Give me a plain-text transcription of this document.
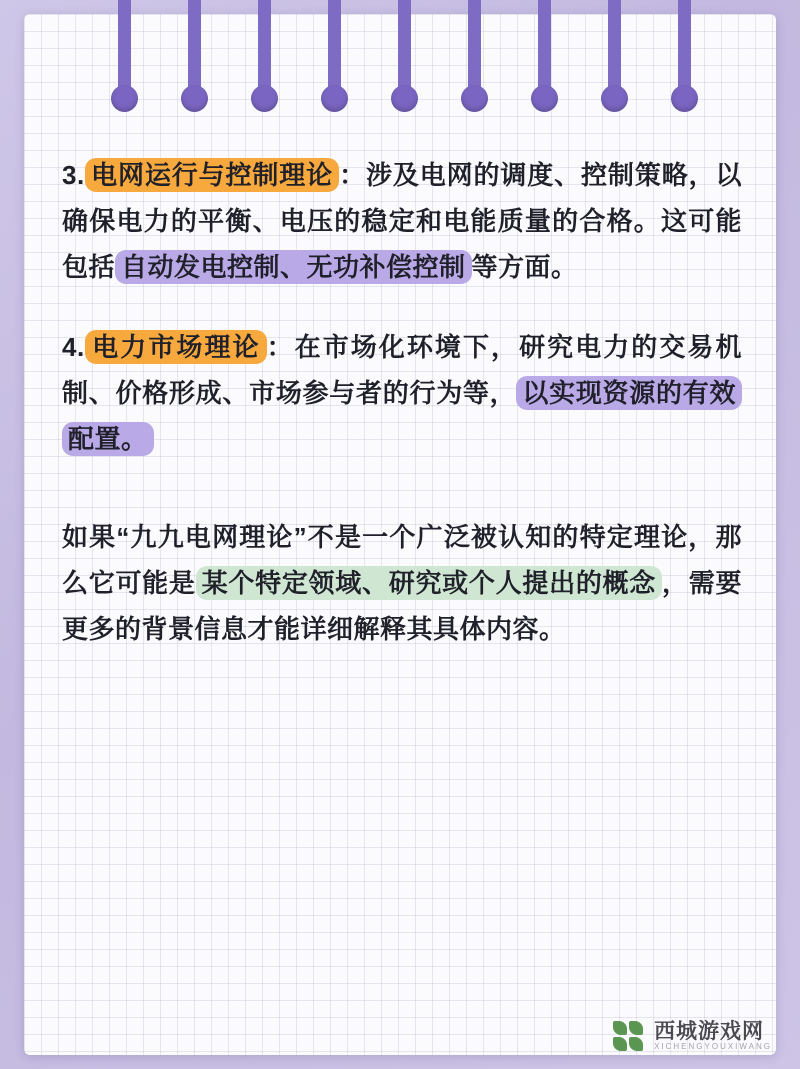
3. 电网运行与控制理论 ：涉及电网的调度、控制策略，以确保电力的平衡、电压的稳定和电能质量的合格。这可能包括 自动发电控制、无功补偿控制 等方面。

4. 电力市场理论 ：在市场化环境下，研究电力的交易机制、价格形成、市场参与者的行为等， 以实现资源的有效配置。

如果“九九电网理论”不是一个广泛被认知的特定理论，那么它可能是 某个特定领域、研究或个人提出的概念 ，需要更多的背景信息才能详细解释其具体内容。

西城游戏网
XICHENGYOUXIWANG
